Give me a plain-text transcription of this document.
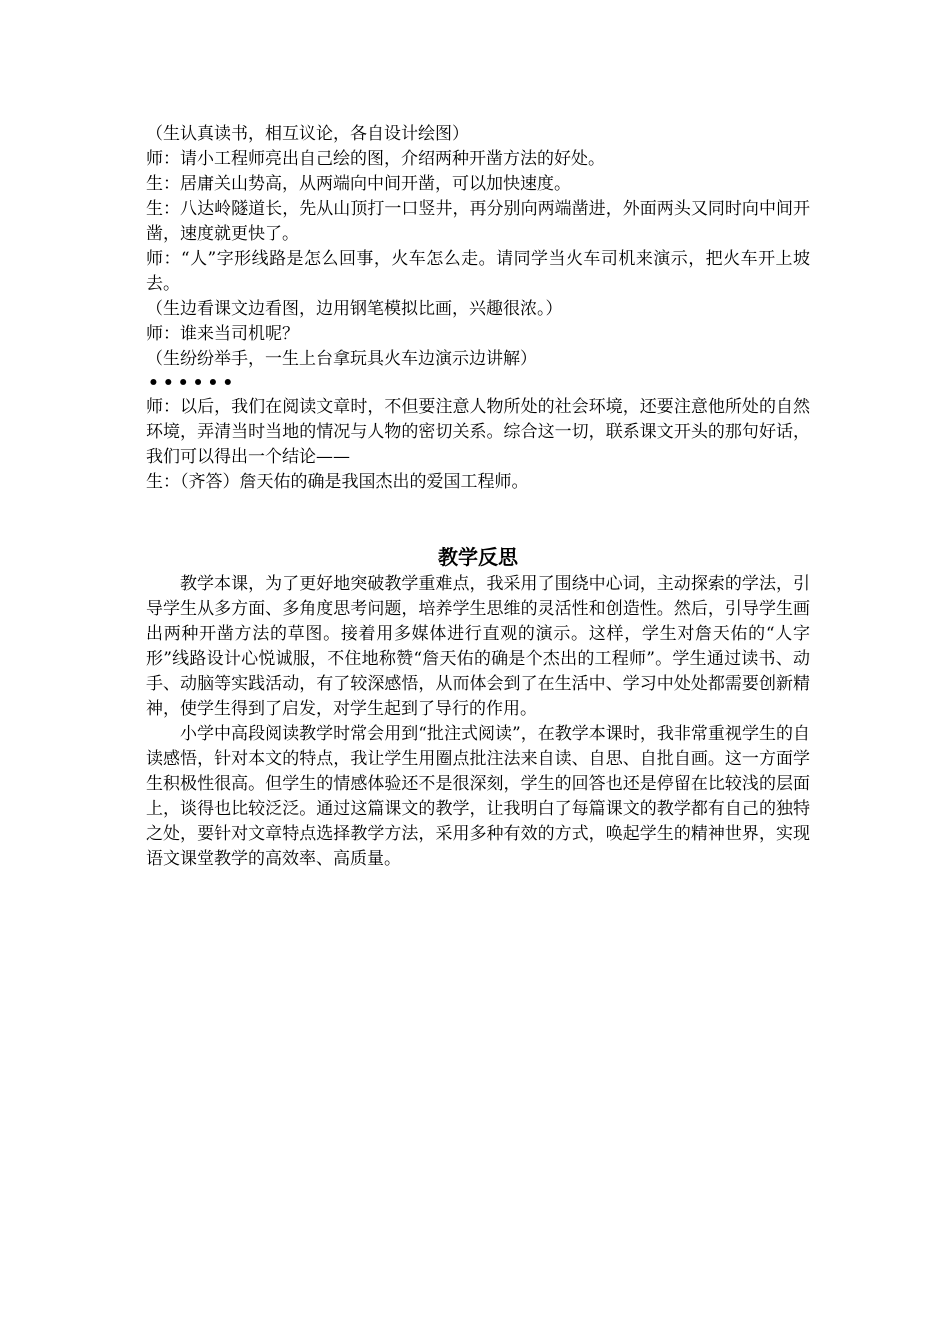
（生认真读书，相互议论，各自设计绘图）
师：请小工程师亮出自己绘的图，介绍两种开凿方法的好处。
生：居庸关山势高，从两端向中间开凿，可以加快速度。
生：八达岭隧道长，先从山顶打一口竖井，再分别向两端凿进，外面两头又同时向中间开凿，速度就更快了。
师：“人”字形线路是怎么回事，火车怎么走。请同学当火车司机来演示，把火车开上坡去。
（生边看课文边看图，边用钢笔模拟比画，兴趣很浓。）
师：谁来当司机呢？
（生纷纷举手，一生上台拿玩具火车边演示边讲解）
••••••
师：以后，我们在阅读文章时，不但要注意人物所处的社会环境，还要注意他所处的自然环境，弄清当时当地的情况与人物的密切关系。综合这一切，联系课文开头的那句好话，我们可以得出一个结论——
生：（齐答）詹天佑的确是我国杰出的爱国工程师。
教学反思

教学本课，为了更好地突破教学重难点，我采用了围绕中心词，主动探索的学法，引导学生从多方面、多角度思考问题，培养学生思维的灵活性和创造性。然后，引导学生画出两种开凿方法的草图。接着用多媒体进行直观的演示。这样，学生对詹天佑的“人字形”线路设计心悦诚服，不住地称赞“詹天佑的确是个杰出的工程师”。学生通过读书、动手、动脑等实践活动，有了较深感悟，从而体会到了在生活中、学习中处处都需要创新精神，使学生得到了启发，对学生起到了导行的作用。

小学中高段阅读教学时常会用到“批注式阅读”，在教学本课时，我非常重视学生的自读感悟，针对本文的特点，我让学生用圈点批注法来自读、自思、自批自画。这一方面学生积极性很高。但学生的情感体验还不是很深刻，学生的回答也还是停留在比较浅的层面上，谈得也比较泛泛。通过这篇课文的教学，让我明白了每篇课文的教学都有自己的独特之处，要针对文章特点选择教学方法，采用多种有效的方式，唤起学生的精神世界，实现语文课堂教学的高效率、高质量。
